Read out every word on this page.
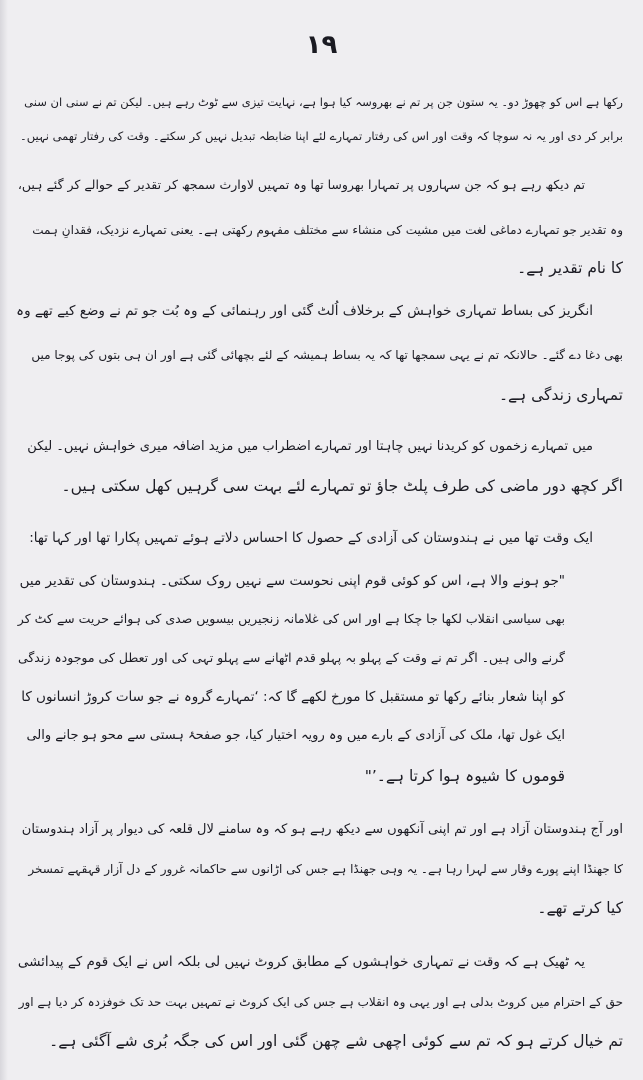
۱۹
رکھا ہے اس کو چھوڑ دو۔ یہ ستون جن پر تم نے بھروسہ کیا ہوا ہے، نہایت تیزی سے ٹوٹ رہے ہیں۔ لیکن تم نے سنی ان سنی
برابر کر دی اور یہ نہ سوچا کہ وقت اور اس کی رفتار تمہارے لئے اپنا ضابطہ تبدیل نہیں کر سکتے۔ وقت کی رفتار تھمی نہیں۔
تم دیکھ رہے ہو کہ جن سہاروں پر تمہارا بھروسا تھا وہ تمہیں لاوارث سمجھ کر تقدیر کے حوالے کر گئے ہیں،
وہ تقدیر جو تمہارے دماغی لغت میں مشیت کی منشاء سے مختلف مفہوم رکھتی ہے۔ یعنی تمہارے نزدیک، فقدانِ ہمت
کا نام تقدیر ہے۔
انگریز کی بساط تمہاری خواہش کے برخلاف اُلٹ گئی اور رہنمائی کے وہ بُت جو تم نے وضع کیے تھے وہ
بھی دغا دے گئے۔ حالانکہ تم نے یہی سمجھا تھا کہ یہ بساط ہمیشہ کے لئے بچھائی گئی ہے اور ان ہی بتوں کی پوجا میں
تمہاری زندگی ہے۔
میں تمہارے زخموں کو کریدنا نہیں چاہتا اور تمہارے اضطراب میں مزید اضافہ میری خواہش نہیں۔ لیکن
اگر کچھ دور ماضی کی طرف پلٹ جاؤ تو تمہارے لئے بہت سی گرہیں کھل سکتی ہیں۔
ایک وقت تھا میں نے ہندوستان کی آزادی کے حصول کا احساس دلاتے ہوئے تمہیں پکارا تھا اور کہا تھا:
"جو ہونے والا ہے، اس کو کوئی قوم اپنی نحوست سے نہیں روک سکتی۔ ہندوستان کی تقدیر میں
بھی سیاسی انقلاب لکھا جا چکا ہے اور اس کی غلامانہ زنجیریں بیسویں صدی کی ہوائے حریت سے کٹ کر
گرنے والی ہیں۔ اگر تم نے وقت کے پہلو بہ پہلو قدم اٹھانے سے پہلو تہی کی اور تعطل کی موجودہ زندگی
کو اپنا شعار بنائے رکھا تو مستقبل کا مورخ لکھے گا کہ: ‘تمہارے گروہ نے جو سات کروڑ انسانوں کا
ایک غول تھا، ملک کی آزادی کے بارے میں وہ رویہ اختیار کیا، جو صفحۂ ہستی سے محو ہو جانے والی
قوموں کا شیوہ ہوا کرتا ہے۔’"
اور آج ہندوستان آزاد ہے اور تم اپنی آنکھوں سے دیکھ رہے ہو کہ وہ سامنے لال قلعہ کی دیوار پر آزاد ہندوستان
کا جھنڈا اپنے پورے وقار سے لہرا رہا ہے۔ یہ وہی جھنڈا ہے جس کی اڑانوں سے حاکمانہ غرور کے دل آزار قہقہے تمسخر
کیا کرتے تھے۔
یہ ٹھیک ہے کہ وقت نے تمہاری خواہشوں کے مطابق کروٹ نہیں لی بلکہ اس نے ایک قوم کے پیدائشی
حق کے احترام میں کروٹ بدلی ہے اور یہی وہ انقلاب ہے جس کی ایک کروٹ نے تمہیں بہت حد تک خوفزدہ کر دیا ہے اور
تم خیال کرتے ہو کہ تم سے کوئی اچھی شے چھن گئی اور اس کی جگہ بُری شے آگئی ہے۔
